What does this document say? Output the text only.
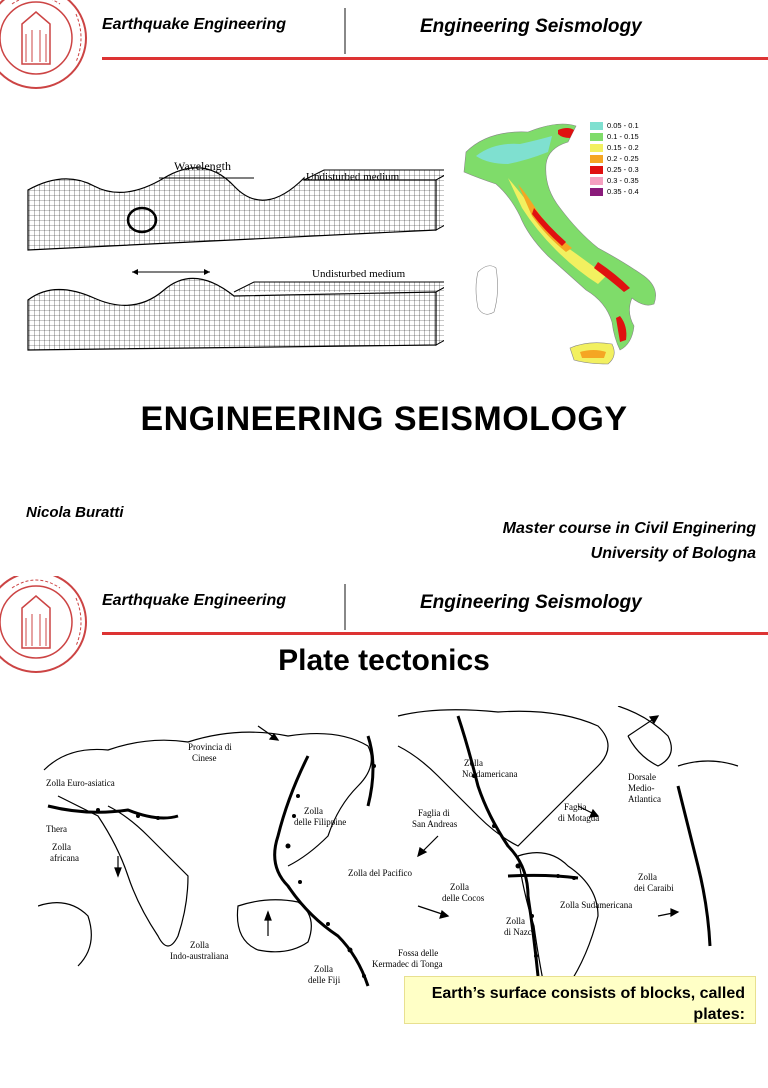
Earthquake Engineering	Engineering Seismology
Wavelength
Undisturbed medium
Undisturbed medium
0.05 - 0.1
0.1 - 0.15
0.15 - 0.2
0.2 - 0.25
0.25 - 0.3
0.3 - 0.35
0.35 - 0.4
ENGINEERING SEISMOLOGY
Nicola Buratti
Master course in Civil Enginering
University of Bologna
Earthquake Engineering	Engineering Seismology
Plate tectonics
Provincia di
Cinese
Zolla Euro-asiatica
Zolla
Nordamericana	Dorsale
Medio-
Atlantica
Thera
Zolla
africana
Zolla
delle Filippine
Faglia di
San Andreas
Faglia
di Motagua
Zolla del Pacifico
Zolla
delle Cocos
Zolla
dei Caraibi
Zolla Sudamericana
Zolla
Indo-australiana
Zolla
delle Fiji
Fossa delle
Kermadec di Tonga
Zolla
di Nazca
Earth’s surface consists of blocks, called
plates:
